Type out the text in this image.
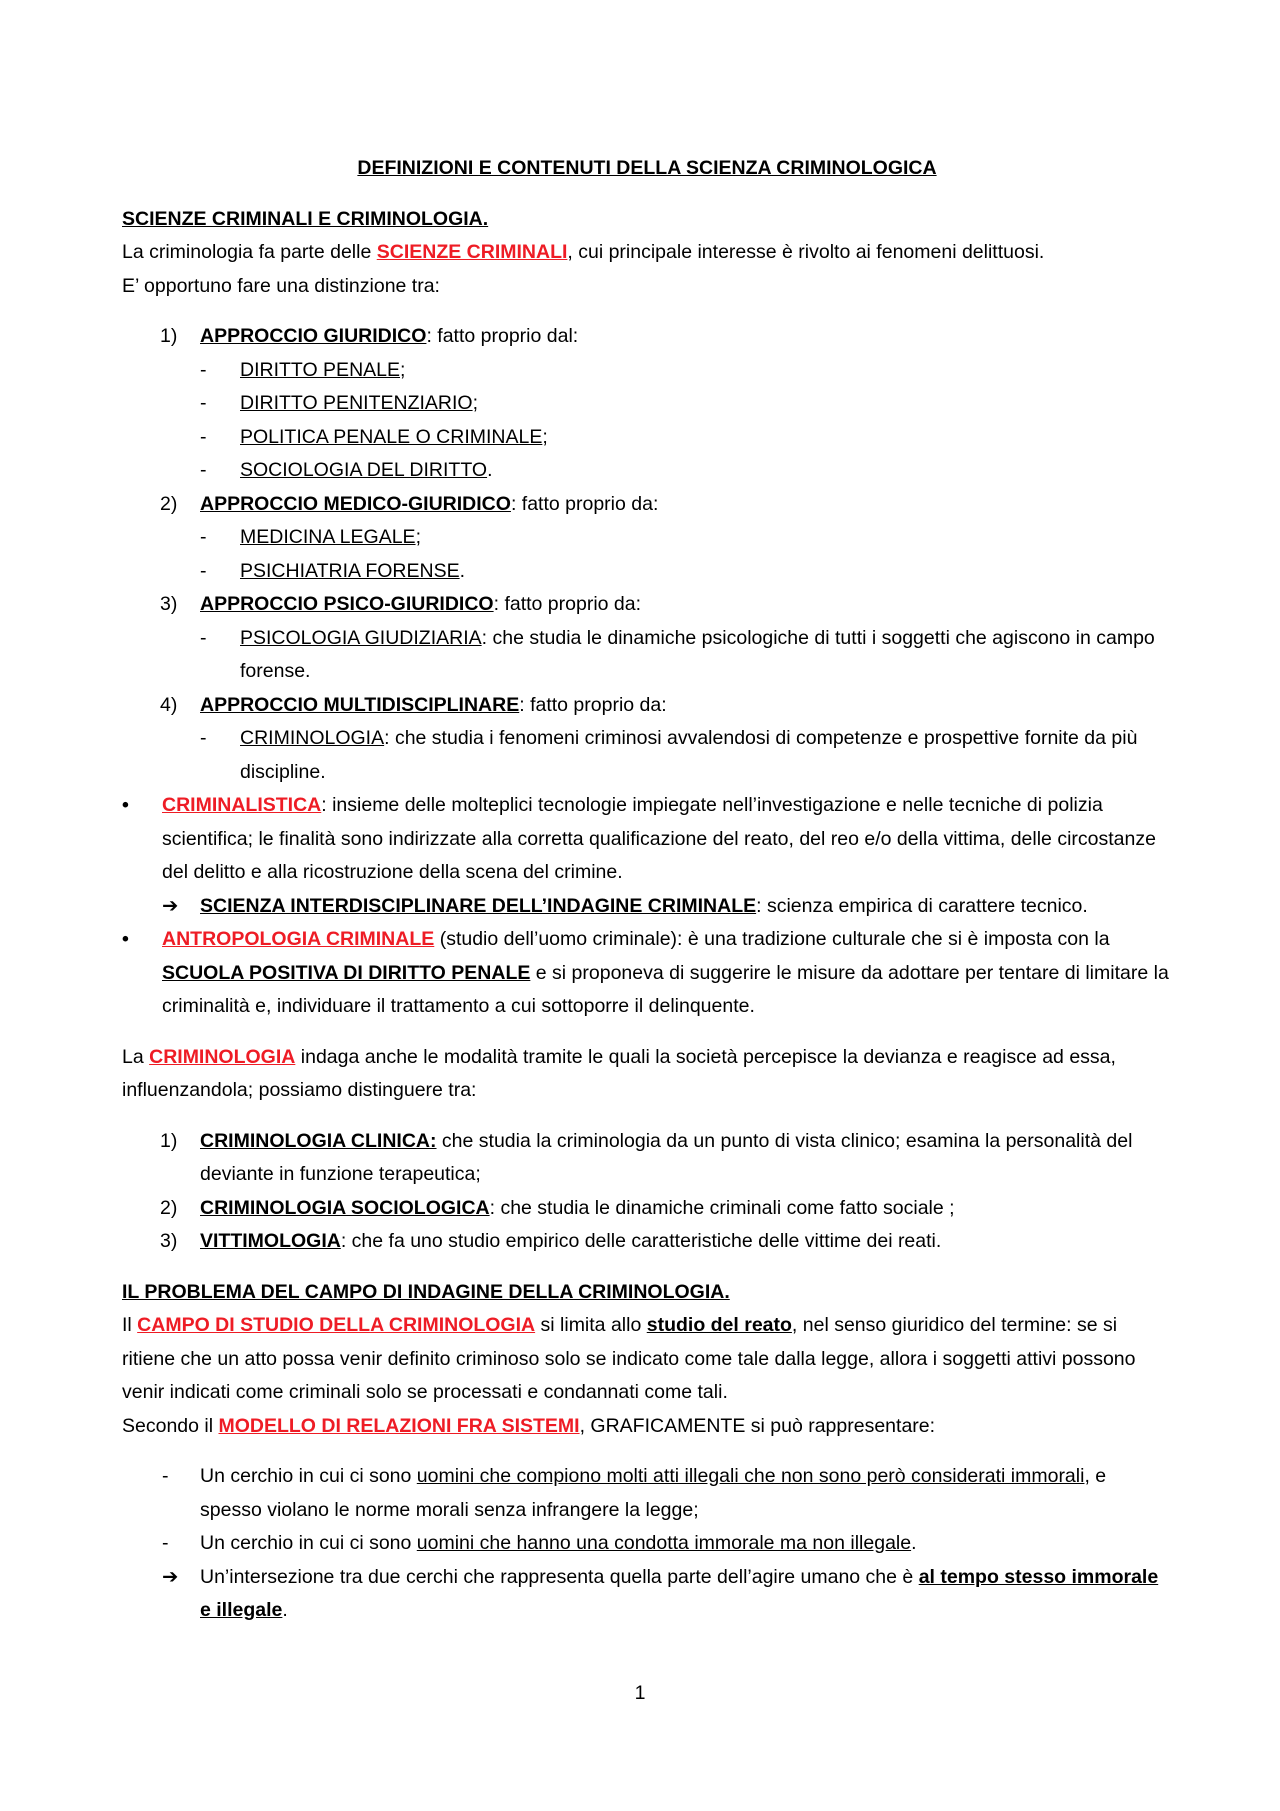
DEFINIZIONI E CONTENUTI DELLA SCIENZA CRIMINOLOGICA

SCIENZE CRIMINALI E CRIMINOLOGIA.

La criminologia fa parte delle SCIENZE CRIMINALI, cui principale interesse è rivolto ai fenomeni delittuosi.

E’ opportuno fare una distinzione tra:

1) APPROCCIO GIURIDICO: fatto proprio dal:
- DIRITTO PENALE;
- DIRITTO PENITENZIARIO;
- POLITICA PENALE O CRIMINALE;
- SOCIOLOGIA DEL DIRITTO.
2) APPROCCIO MEDICO-GIURIDICO: fatto proprio da:
- MEDICINA LEGALE;
- PSICHIATRIA FORENSE.
3) APPROCCIO PSICO-GIURIDICO: fatto proprio da:
- PSICOLOGIA GIUDIZIARIA: che studia le dinamiche psicologiche di tutti i soggetti che agiscono in campo forense.
4) APPROCCIO MULTIDISCIPLINARE: fatto proprio da:
- CRIMINOLOGIA: che studia i fenomeni criminosi avvalendosi di competenze e prospettive fornite da più discipline.
• CRIMINALISTICA: insieme delle molteplici tecnologie impiegate nell’investigazione e nelle tecniche di polizia scientifica; le finalità sono indirizzate alla corretta qualificazione del reato, del reo e/o della vittima, delle circostanze del delitto e alla ricostruzione della scena del crimine.
➔ SCIENZA INTERDISCIPLINARE DELL’INDAGINE CRIMINALE: scienza empirica di carattere tecnico.
• ANTROPOLOGIA CRIMINALE (studio dell’uomo criminale): è una tradizione culturale che si è imposta con la SCUOLA POSITIVA DI DIRITTO PENALE e si proponeva di suggerire le misure da adottare per tentare di limitare la criminalità e, individuare il trattamento a cui sottoporre il delinquente.

La CRIMINOLOGIA indaga anche le modalità tramite le quali la società percepisce la devianza e reagisce ad essa, influenzandola; possiamo distinguere tra:

1) CRIMINOLOGIA CLINICA: che studia la criminologia da un punto di vista clinico; esamina la personalità del deviante in funzione terapeutica;
2) CRIMINOLOGIA SOCIOLOGICA: che studia le dinamiche criminali come fatto sociale ;
3) VITTIMOLOGIA: che fa uno studio empirico delle caratteristiche delle vittime dei reati.

IL PROBLEMA DEL CAMPO DI INDAGINE DELLA CRIMINOLOGIA.

Il CAMPO DI STUDIO DELLA CRIMINOLOGIA si limita allo studio del reato, nel senso giuridico del termine: se si ritiene che un atto possa venir definito criminoso solo se indicato come tale dalla legge, allora i soggetti attivi possono venir indicati come criminali solo se processati e condannati come tali.

Secondo il MODELLO DI RELAZIONI FRA SISTEMI, GRAFICAMENTE si può rappresentare:

- Un cerchio in cui ci sono uomini che compiono molti atti illegali che non sono però considerati immorali, e spesso violano le norme morali senza infrangere la legge;
- Un cerchio in cui ci sono uomini che hanno una condotta immorale ma non illegale.
➔ Un’intersezione tra due cerchi che rappresenta quella parte dell’agire umano che è al tempo stesso immorale e illegale.
1
